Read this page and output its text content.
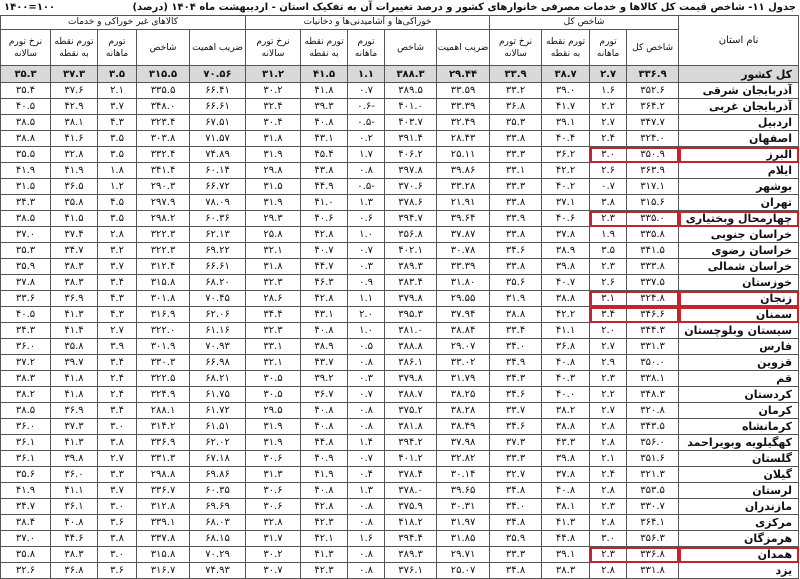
جدول ١١- شاخص قیمت کل کالاها و خدمات مصرفی خانوارهای کشور و درصد تغییرات آن به تفکیک استان - اردیبهشت ماه ۱۴۰۴ (درصد)
۱۰۰=۱۴۰۰
نام استان	شاخص کل				خوراکی‌ها و آشامیدنی‌ها و دخانیات					کالاهای غیر خوراکی و خدمات				
	شاخص کل	تورم ماهانه	تورم نقطه به نقطه	نرخ تورم سالانه	ضریب اهمیت	شاخص	تورم ماهانه	تورم نقطه به نقطه	نرخ تورم سالانه	ضریب اهمیت	شاخص	تورم ماهانه	تورم نقطه به نقطه	نرخ تورم سالانه
کل کشور	۳۳۶.۹	۲.۷	۳۸.۷	۳۳.۹	۲۹.۴۴	۳۸۸.۳	۱.۱	۴۱.۵	۳۱.۲	۷۰.۵۶	۳۱۵.۵	۳.۵	۳۷.۳	۳۵.۳
آذربایجان شرقی	۳۵۲.۶	۱.۶	۳۹.۰	۳۳.۲	۳۳.۵۹	۳۸۹.۵	۰.۷	۴۱.۸	۳۰.۲	۶۶.۴۱	۳۳۵.۵	۲.۱	۳۷.۶	۳۵.۴
آذربایجان غربی	۳۶۴.۲	۲.۲	۴۱.۷	۳۶.۸	۳۳.۳۹	۴۰۱.۰	-۰.۶	۳۹.۳	۳۲.۴	۶۶.۶۱	۳۴۸.۰	۳.۷	۴۲.۹	۴۰.۵
اردبیل	۳۴۷.۷	۲.۷	۳۹.۱	۳۵.۳	۳۲.۴۹	۴۰۳.۷	-۰.۵	۴۰.۸	۳۰.۴	۶۷.۵۱	۳۲۳.۴	۴.۳	۳۸.۱	۳۸.۵
اصفهان	۳۲۴.۰	۲.۴	۴۰.۴	۳۳.۸	۲۸.۴۳	۳۹۱.۴	۰.۲	۴۳.۱	۳۱.۸	۷۱.۵۷	۳۰۳.۸	۳.۵	۴۱.۶	۳۸.۸
البرز	۳۵۰.۹	۳.۰	۳۶.۲	۳۳.۳	۲۵.۱۱	۴۰۶.۲	۱.۷	۴۵.۴	۳۱.۹	۷۴.۸۹	۳۳۲.۴	۳.۵	۳۲.۸	۳۵.۵
ایلام	۳۶۳.۹	۲.۶	۴۲.۲	۳۳.۱	۳۹.۸۶	۳۹۷.۸	۰.۸	۴۳.۸	۲۹.۸	۶۰.۱۴	۳۴۱.۴	۱.۸	۴۱.۹	۴۱.۹
بوشهر	۳۱۷.۱	۰.۷	۴۰.۲	۳۳.۳	۳۳.۲۸	۳۷۰.۶	-۰.۵	۴۴.۹	۳۱.۵	۶۶.۷۲	۲۹۰.۳	۱.۲	۳۶.۵	۳۱.۵
تهران	۳۱۵.۶	۳.۸	۳۷.۱	۳۳.۸	۲۱.۹۱	۳۷۸.۶	۱.۳	۴۱.۰	۳۱.۹	۷۸.۰۹	۲۹۷.۹	۴.۵	۳۵.۸	۳۴.۳
چهارمحال وبختیاری	۳۳۵.۰	۲.۳	۴۰.۶	۳۳.۹	۳۹.۶۴	۳۹۴.۷	۰.۶	۴۰.۶	۲۹.۳	۶۰.۳۶	۲۹۸.۲	۳.۵	۴۱.۵	۳۸.۵
خراسان جنوبی	۳۳۵.۸	۱.۹	۳۷.۸	۳۳.۸	۳۷.۸۷	۳۵۶.۸	۱.۰	۴۲.۸	۲۵.۸	۶۲.۱۳	۳۲۲.۳	۲.۸	۳۷.۴	۳۷.۰
خراسان رضوی	۳۴۱.۵	۳.۵	۳۸.۹	۳۴.۶	۳۰.۷۸	۴۰۲.۱	۰.۷	۴۰.۷	۳۲.۱	۶۹.۲۲	۳۲۲.۳	۳.۲	۳۴.۷	۳۵.۳
خراسان شمالی	۳۳۳.۸	۲.۳	۳۹.۸	۳۳.۸	۳۳.۳۹	۳۸۹.۳	۰.۳	۴۴.۷	۳۱.۸	۶۶.۶۱	۳۱۲.۴	۳.۷	۳۸.۳	۳۵.۹
خوزستان	۳۳۷.۵	۲.۶	۴۰.۷	۳۵.۶	۳۱.۸۰	۳۸۳.۴	۰.۹	۴۶.۳	۳۲.۳	۶۸.۲۰	۳۱۵.۸	۳.۴	۳۸.۳	۳۷.۸
زنجان	۳۲۴.۸	۳.۱	۳۸.۸	۳۱.۹	۲۹.۵۵	۳۷۹.۸	۱.۱	۴۲.۸	۲۸.۶	۷۰.۴۵	۳۰۱.۸	۴.۳	۳۶.۹	۳۳.۶
سمنان	۳۴۶.۶	۳.۴	۴۲.۲	۳۸.۸	۳۷.۹۴	۳۹۵.۳	۲.۰	۴۳.۱	۳۴.۴	۶۲.۰۶	۳۱۶.۹	۴.۳	۴۱.۳	۴۰.۵
سیستان وبلوچستان	۳۴۴.۳	۲.۰	۴۱.۱	۳۳.۴	۳۸.۸۴	۳۸۱.۰	۱.۰	۴۰.۸	۳۲.۳	۶۱.۱۶	۳۲۲.۰	۲.۷	۴۱.۴	۳۴.۳
فارس	۳۳۱.۳	۲.۷	۳۶.۸	۳۴.۰	۲۹.۰۷	۳۸۸.۸	۰.۵	۳۸.۹	۳۳.۱	۷۰.۹۳	۳۰۱.۹	۳.۹	۳۵.۸	۳۶.۰
قزوین	۳۵۰.۰	۲.۹	۴۰.۸	۳۴.۹	۳۳.۰۲	۳۸۶.۱	۰.۸	۴۳.۷	۳۲.۱	۶۶.۹۸	۳۳۰.۳	۳.۴	۳۹.۷	۳۷.۲
قم	۳۳۸.۱	۲.۳	۴۰.۳	۳۴.۳	۳۱.۷۹	۳۷۹.۸	۰.۳	۳۹.۲	۳۰.۵	۶۸.۲۱	۳۲۲.۵	۲.۴	۴۱.۸	۳۸.۳
کردستان	۳۴۸.۳	۲.۲	۴۰.۰	۳۴.۶	۳۸.۲۵	۳۸۸.۷	۰.۷	۳۶.۷	۳۰.۵	۶۱.۷۵	۳۲۴.۹	۲.۴	۴۱.۸	۳۸.۲
کرمان	۳۲۰.۸	۲.۷	۳۸.۲	۳۳.۷	۳۸.۲۸	۳۷۵.۲	۰.۸	۴۰.۸	۲۹.۵	۶۱.۷۲	۲۸۸.۱	۳.۴	۳۶.۹	۳۸.۵
کرمانشاه	۳۴۳.۵	۲.۸	۳۸.۸	۳۴.۶	۳۸.۴۹	۳۸۱.۸	۰.۸	۴۰.۸	۳۱.۹	۶۱.۵۱	۳۱۴.۲	۳.۰	۳۷.۳	۳۶.۰
کهگیلویه وبویراحمد	۳۵۶.۰	۲.۸	۴۳.۳	۳۷.۳	۳۷.۹۸	۳۹۴.۲	۱.۴	۴۴.۸	۳۱.۹	۶۲.۰۲	۳۳۶.۹	۳.۸	۴۱.۳	۳۶.۱
گلستان	۳۵۱.۶	۲.۱	۳۹.۸	۳۳.۳	۳۲.۸۲	۴۰۱.۲	۰.۷	۴۰.۹	۳۰.۶	۶۷.۱۸	۳۳۱.۳	۲.۷	۳۹.۸	۳۶.۱
گیلان	۳۲۱.۳	۲.۴	۳۷.۸	۳۲.۷	۳۰.۱۴	۳۷۸.۴	۰.۴	۴۱.۹	۳۱.۳	۶۹.۸۶	۲۹۸.۸	۳.۳	۳۶.۰	۳۵.۶
لرستان	۳۵۳.۵	۲.۸	۴۰.۸	۳۴.۸	۳۹.۶۵	۳۷۸.۰	۱.۳	۴۰.۸	۳۰.۶	۶۰.۳۵	۳۳۶.۷	۳.۷	۴۱.۱	۴۱.۹
مازندران	۳۳۰.۷	۲.۳	۳۸.۱	۳۴.۰	۳۰.۳۱	۳۷۵.۹	۰.۸	۴۲.۸	۳۰.۶	۶۹.۶۹	۳۱۲.۸	۳.۰	۳۶.۱	۳۴.۷
مرکزی	۳۶۴.۱	۲.۸	۴۱.۳	۳۴.۸	۳۱.۹۷	۴۱۸.۲	۰.۸	۴۲.۳	۳۲.۸	۶۸.۰۳	۳۳۹.۱	۳.۶	۴۰.۸	۳۸.۴
هرمزگان	۳۵۶.۳	۳.۰	۴۴.۸	۳۵.۹	۳۱.۸۵	۳۹۴.۴	۱.۶	۴۲.۱	۳۱.۷	۶۸.۱۵	۳۳۷.۸	۳.۸	۴۴.۶	۳۷.۰
همدان	۳۳۶.۸	۲.۳	۳۹.۱	۳۳.۳	۲۹.۷۱	۳۸۹.۳	۰.۸	۴۱.۳	۳۰.۲	۷۰.۲۹	۳۱۵.۸	۳.۰	۳۸.۳	۳۵.۸
یزد	۳۳۱.۸	۲.۸	۳۸.۳	۳۴.۸	۲۵.۰۷	۳۷۶.۱	۰.۸	۴۲.۳	۳۰.۷	۷۴.۹۳	۳۱۶.۷	۳.۶	۳۶.۸	۳۲.۶
